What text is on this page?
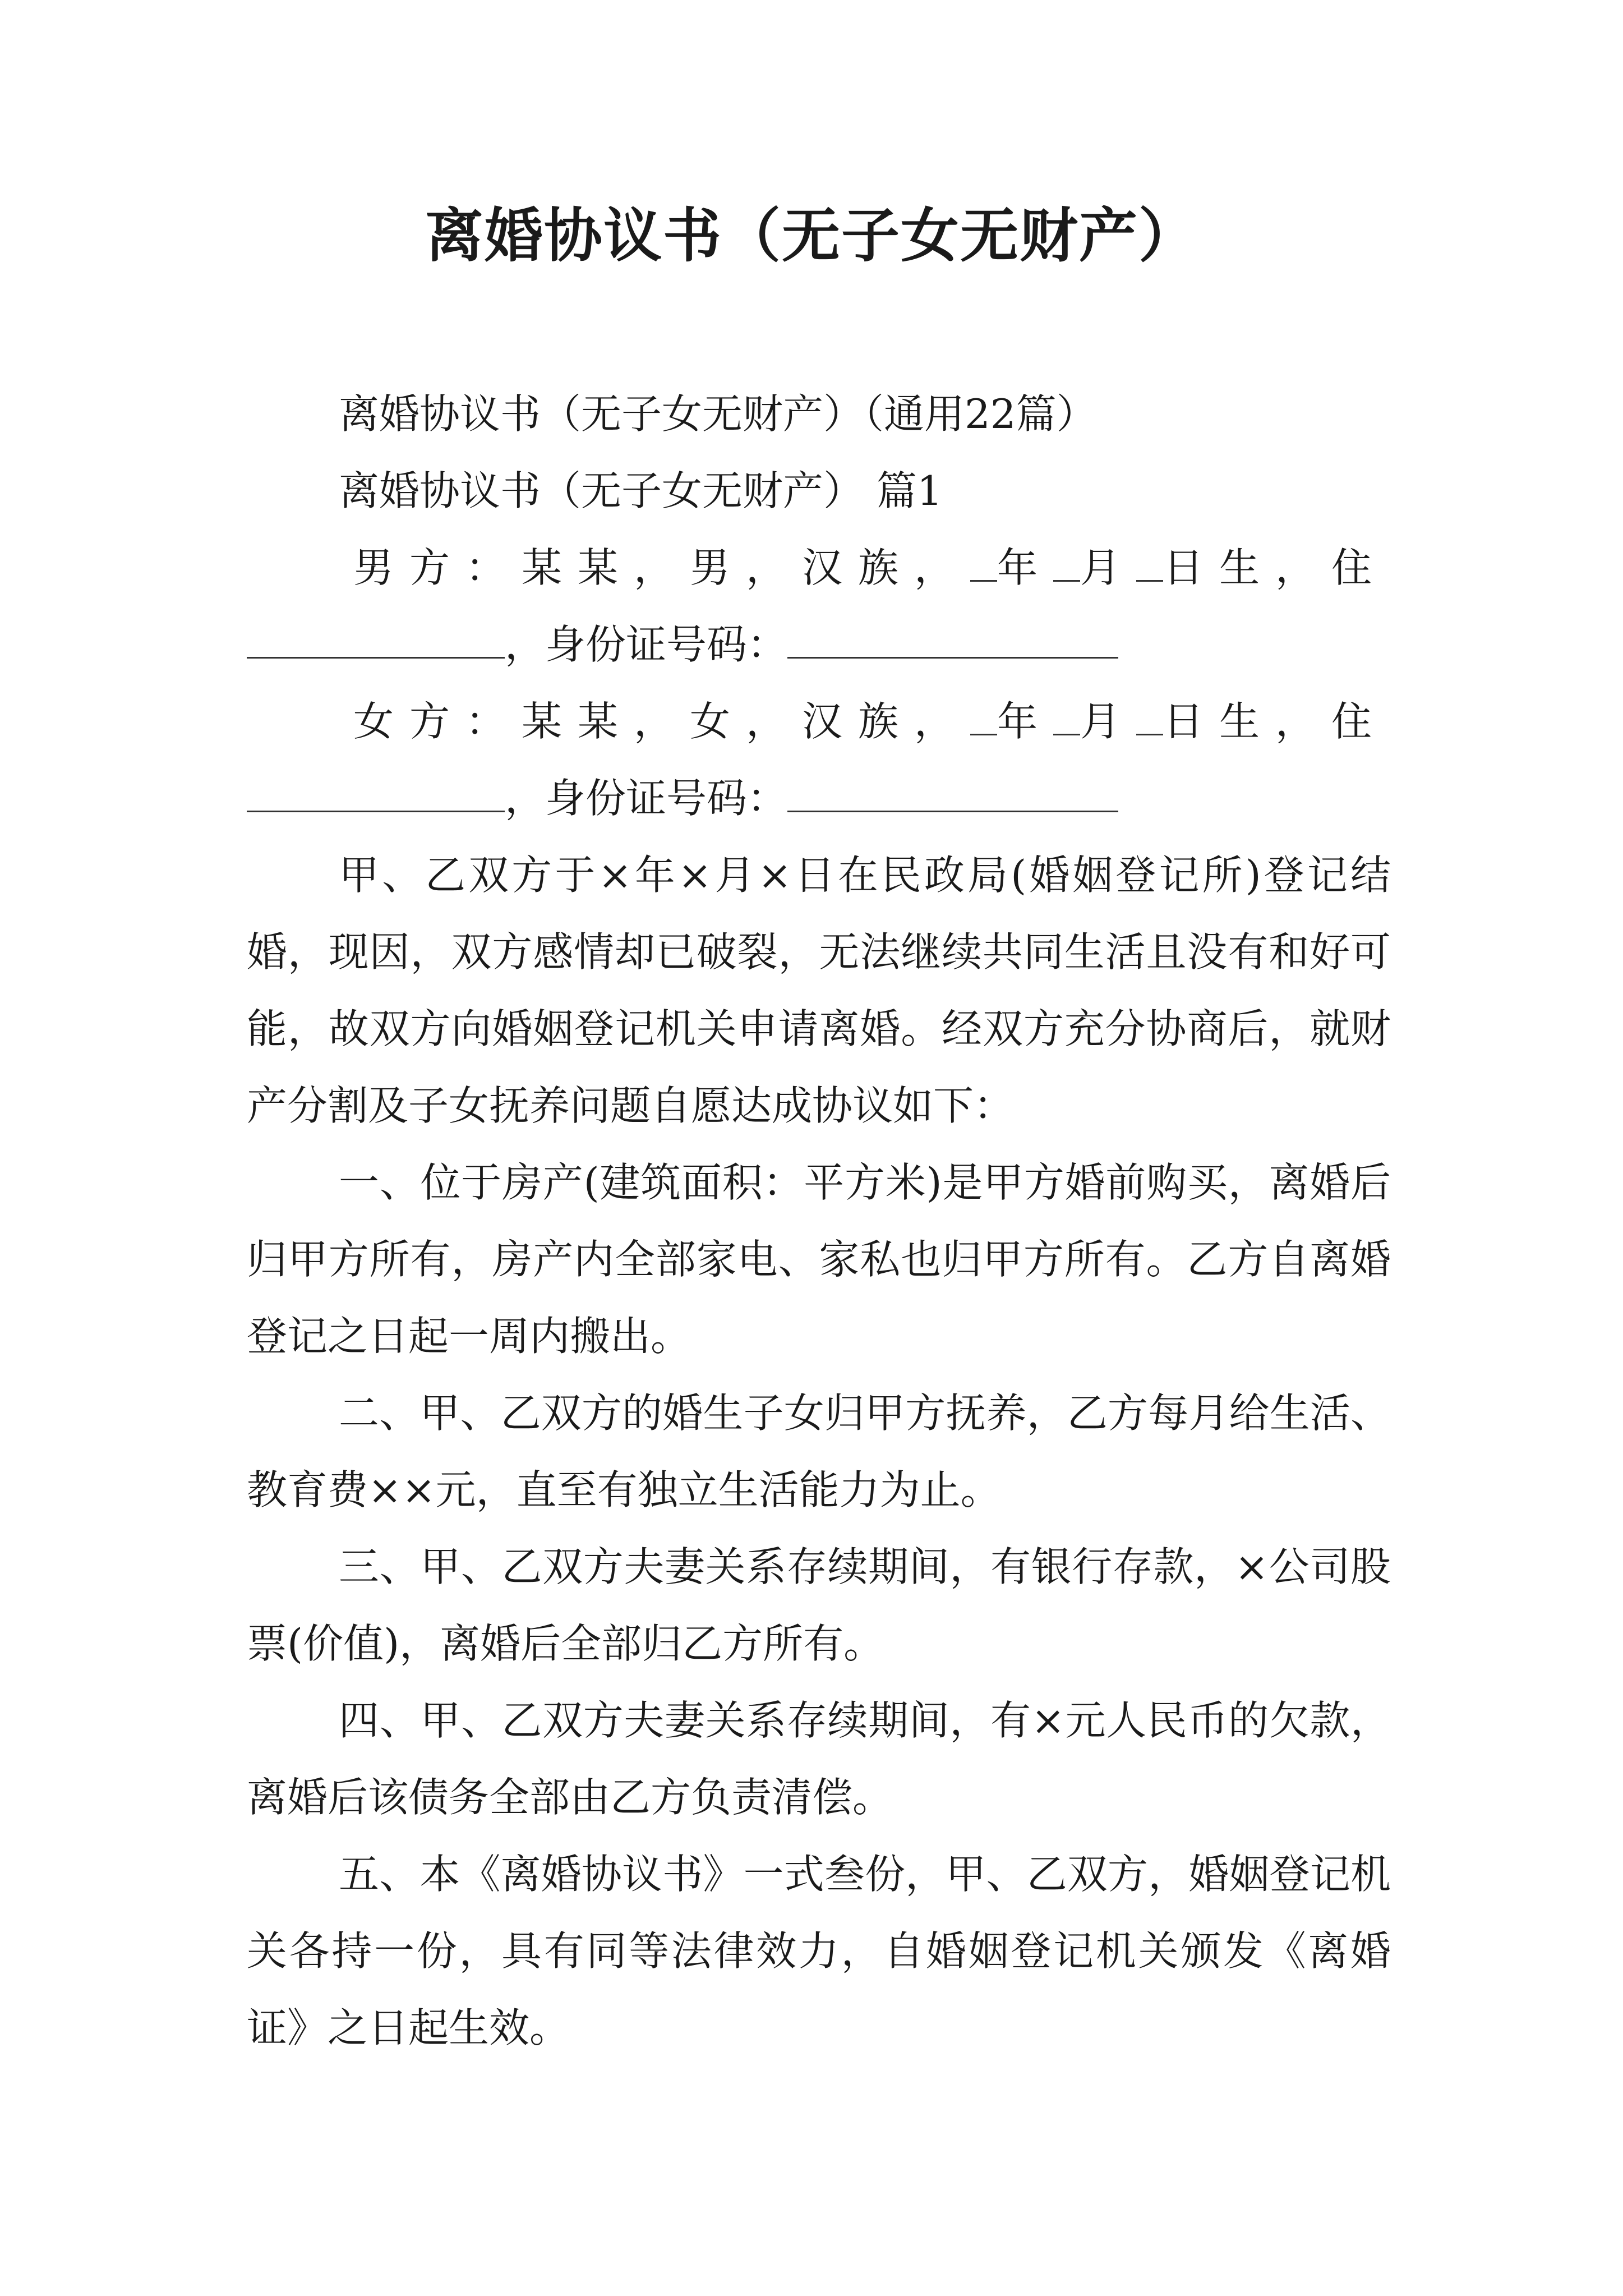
离婚协议书（无子女无财产）
离婚协议书（无子女无财产）（通用22篇）
离婚协议书（无子女无财产） 篇1
男方：某某，男，汉族， 年 月 日生，住
，身份证号码：
女方：某某，女，汉族， 年 月 日生，住
，身份证号码：

甲、乙双方于×年×月×日在民政局(婚姻登记所)登记结婚，现因，双方感情却已破裂，无法继续共同生活且没有和好可能，故双方向婚姻登记机关申请离婚。经双方充分协商后，就财产分割及子女抚养问题自愿达成协议如下：

一、位于房产(建筑面积：平方米)是甲方婚前购买，离婚后归甲方所有，房产内全部家电、家私也归甲方所有。乙方自离婚登记之日起一周内搬出。

二、甲、乙双方的婚生子女归甲方抚养，乙方每月给生活、教育费××元，直至有独立生活能力为止。

三、甲、乙双方夫妻关系存续期间，有银行存款，×公司股票(价值)，离婚后全部归乙方所有。

四、甲、乙双方夫妻关系存续期间，有×元人民币的欠款，离婚后该债务全部由乙方负责清偿。

五、本《离婚协议书》一式叁份，甲、乙双方，婚姻登记机关各持一份，具有同等法律效力，自婚姻登记机关颁发《离婚证》之日起生效。
